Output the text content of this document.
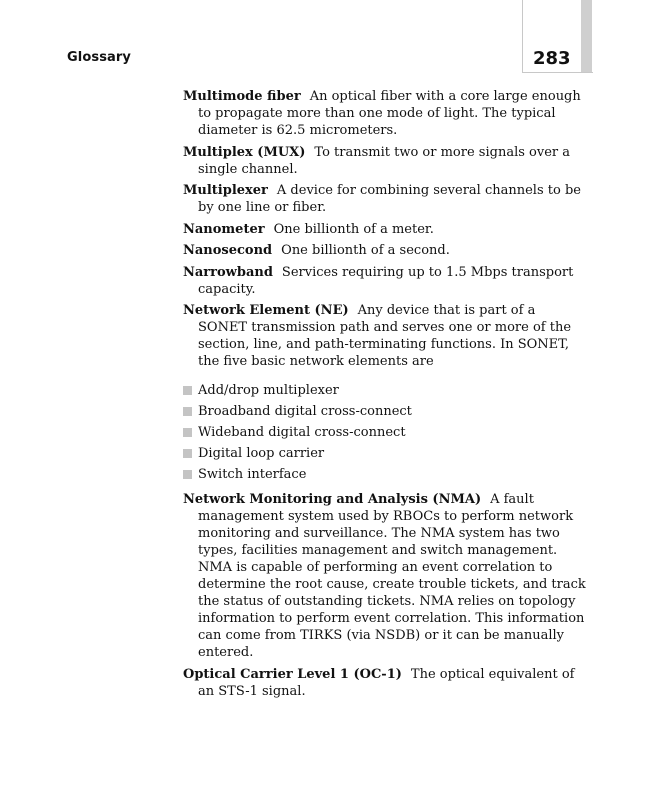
Glossary	283

Multimode fiber An optical fiber with a core large enough to propagate more than one mode of light. The typical diameter is 62.5 micrometers.

Multiplex (MUX) To transmit two or more signals over a single channel.

Multiplexer A device for combining several channels to be by one line or fiber.

Nanometer One billionth of a meter.

Nanosecond One billionth of a second.

Narrowband Services requiring up to 1.5 Mbps transport capacity.

Network Element (NE) Any device that is part of a SONET transmission path and serves one or more of the section, line, and path-terminating functions. In SONET, the five basic network elements are

Add/drop multiplexer
Broadband digital cross-connect
Wideband digital cross-connect
Digital loop carrier
Switch interface

Network Monitoring and Analysis (NMA) A fault management system used by RBOCs to perform network monitoring and surveillance. The NMA system has two types, facilities management and switch management. NMA is capable of performing an event correlation to determine the root cause, create trouble tickets, and track the status of outstanding tickets. NMA relies on topology information to perform event correlation. This information can come from TIRKS (via NSDB) or it can be manually entered.

Optical Carrier Level 1 (OC-1) The optical equivalent of an STS-1 signal.
